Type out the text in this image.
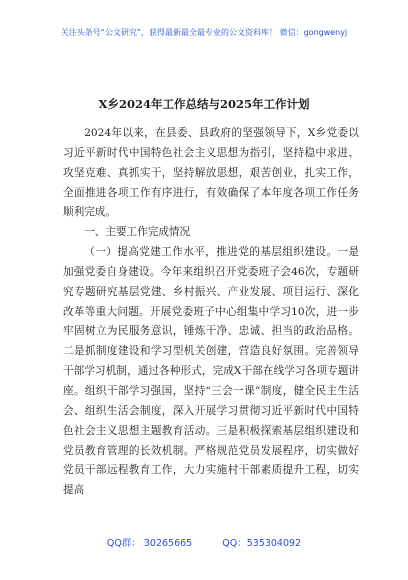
关注头条号“公文研究”，获得最新最全最专业的公文资料库！ 微信：gongwenyj
X乡2024年工作总结与2025年工作计划

2024年以来，在县委、县政府的坚强领导下，X乡党委以习近平新时代中国特色社会主义思想为指引，坚持稳中求进、攻坚克难、真抓实干，坚持解放思想，艰苦创业，扎实工作，全面推进各项工作有序进行，有效确保了本年度各项工作任务顺利完成。

一、主要工作完成情况

（一）提高党建工作水平，推进党的基层组织建设。一是加强党委自身建设。今年来组织召开党委班子会46次，专题研究专题研究基层党建、乡村振兴、产业发展、项目运行、深化改革等重大问题。开展党委班子中心组集中学习10次，进一步牢固树立为民服务意识，锤炼干净、忠诚、担当的政治品格。二是抓制度建设和学习型机关创建，营造良好氛围。完善领导干部学习机制，通过各种形式，完成X干部在线学习各项专题讲座。组织干部学习强国，坚持“三会一课”制度，健全民主生活会、组织生活会制度，深入开展学习贯彻习近平新时代中国特色社会主义思想主题教育活动。三是积极探索基层组织建设和党员教育管理的长效机制。严格规范党员发展程序，切实做好党员干部远程教育工作，大力实施村干部素质提升工程，切实提高

QQ群： 30265665	QQ：535304092
